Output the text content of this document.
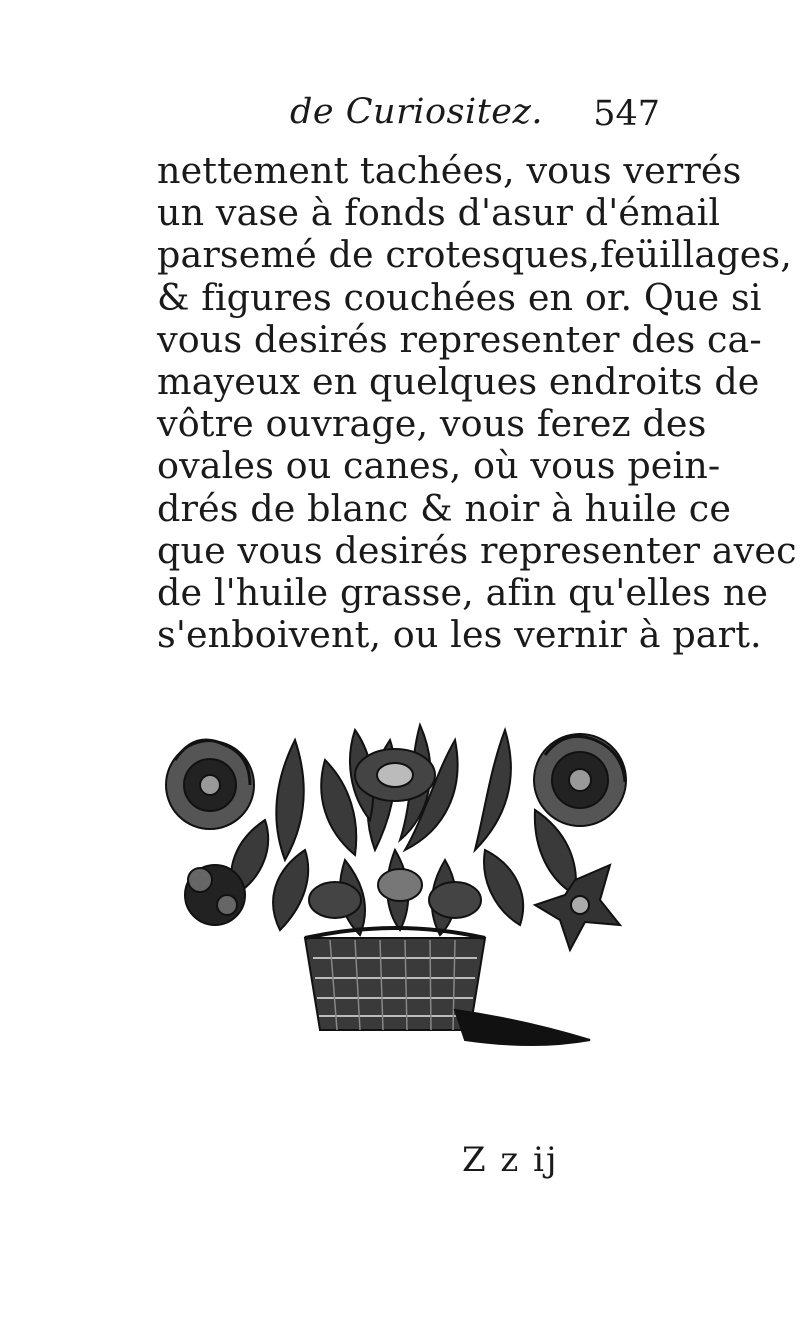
de Curiositez. 547
nettement tachées, vous verrés
un vase à fonds d'asur d'émail
parsemé de crotesques,feüillages,
& figures couchées en or. Que si
vous desirés representer des ca-
mayeux en quelques endroits de
vôtre ouvrage, vous ferez des
ovales ou canes, où vous pein-
drés de blanc & noir à huile ce
que vous desirés representer avec
de l'huile grasse, afin qu'elles ne
s'enboivent, ou les vernir à part.
Z z ij
